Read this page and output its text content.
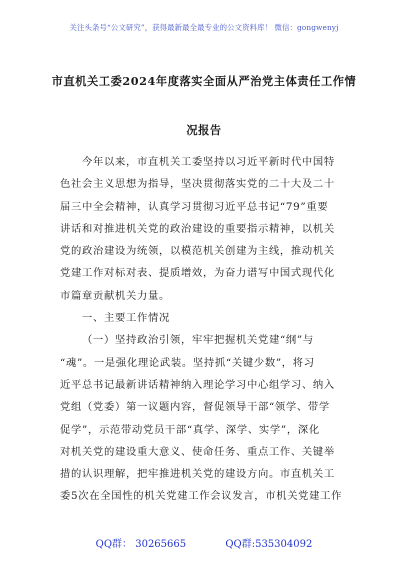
关注头条号“公文研究”，获得最新最全最专业的公文资料库！ 微信：gongwenyj
市直机关工委2024年度落实全面从严治党主体责任工作情
况报告

今年以来，市直机关工委坚持以习近平新时代中国特

色社会主义思想为指导，坚决贯彻落实党的二十大及二十

届三中全会精神，认真学习贯彻习近平总书记“79”重要

讲话和对推进机关党的政治建设的重要指示精神，以机关

党的政治建设为统领，以模范机关创建为主线，推动机关

党建工作对标对表、提质增效，为奋力谱写中国式现代化

市篇章贡献机关力量。

一、主要工作情况

（一）坚持政治引领，牢牢把握机关党建“纲”与

“魂”。一是强化理论武装。坚持抓“关键少数”，将习

近平总书记最新讲话精神纳入理论学习中心组学习、纳入

党组（党委）第一议题内容，督促领导干部“领学、带学

促学”，示范带动党员干部“真学、深学、实学”，深化

对机关党的建设重大意义、使命任务、重点工作、关键举

措的认识理解，把牢推进机关党的建设方向。市直机关工

委5次在全国性的机关党建工作会议发言，市机关党建工作

QQ群： 30265665	QQ群:535304092
